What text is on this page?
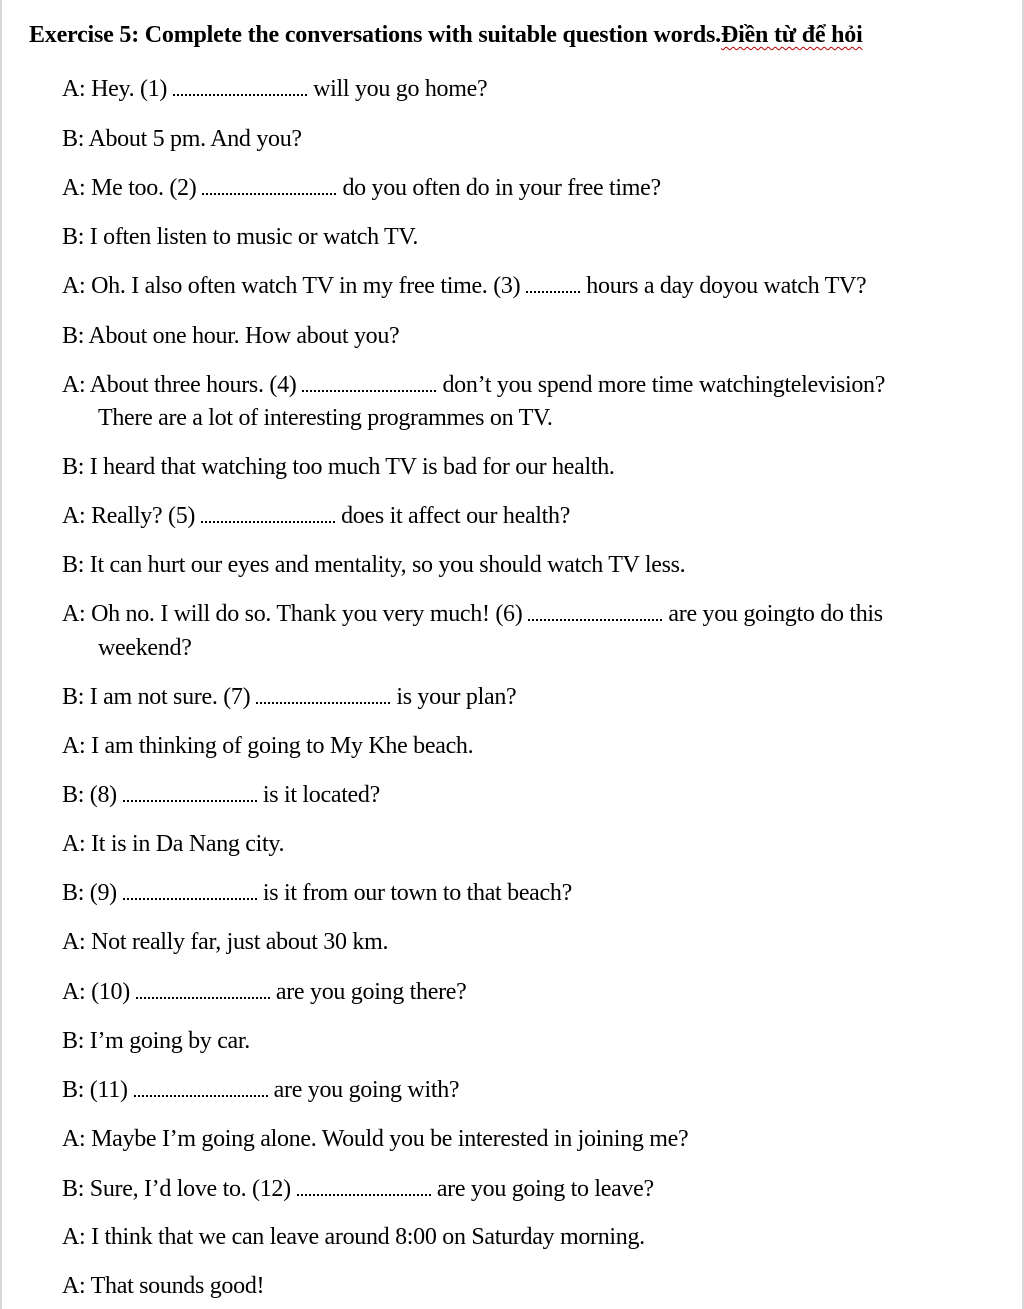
Exercise 5: Complete the conversations with suitable question words.Điền từ để hỏi
A: Hey. (1)	will you go home?
B: About 5 pm. And you?
A: Me too. (2)	do you often do in your free time?
B: I often listen to music or watch TV.
A: Oh. I also often watch TV in my free time. (3)	hours a day doyou watch TV?
B: About one hour. How about you?
A: About three hours. (4)	don’t you spend more time watchingtelevision?
There are a lot of interesting programmes on TV.
B: I heard that watching too much TV is bad for our health.
A: Really? (5)	does it affect our health?
B: It can hurt our eyes and mentality, so you should watch TV less.
A: Oh no. I will do so. Thank you very much! (6)	are you goingto do this
weekend?
B: I am not sure. (7)	is your plan?
A: I am thinking of going to My Khe beach.
B: (8)	is it located?
A: It is in Da Nang city.
B: (9)	is it from our town to that beach?
A: Not really far, just about 30 km.
A: (10)	are you going there?
B: I’m going by car.
B: (11)	are you going with?
A: Maybe I’m going alone. Would you be interested in joining me?
B: Sure, I’d love to. (12)	are you going to leave?
A: I think that we can leave around 8:00 on Saturday morning.
A: That sounds good!
